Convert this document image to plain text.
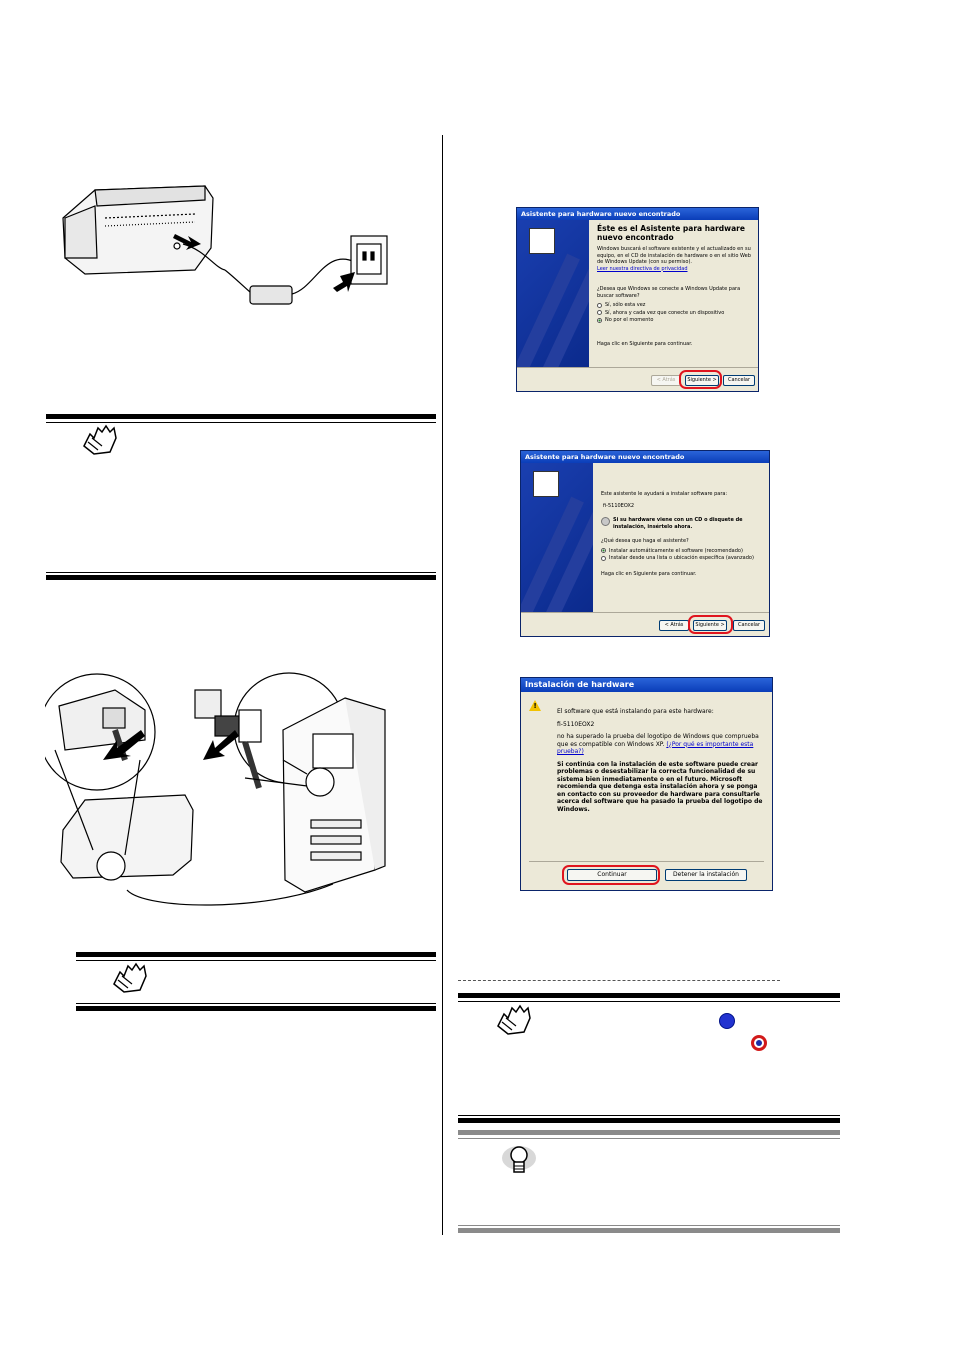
Asistente para hardware nuevo encontrado
Éste es el Asistente para hardware nuevo encontrado
Windows buscará el software existente y el actualizado en su equipo, en el CD de instalación de hardware o en el sitio Web de Windows Update (con su permiso).
Leer nuestra directiva de privacidad
¿Desea que Windows se conecte a Windows Update para buscar software?
Sí, sólo esta vez
Sí, ahora y cada vez que conecte un dispositivo
No por el momento
Haga clic en Siguiente para continuar.
< Atrás	Siguiente >	Cancelar
Asistente para hardware nuevo encontrado
Este asistente le ayudará a instalar software para:
fi-5110EOX2
Si su hardware viene con un CD o disquete de instalación, insértelo ahora.
¿Qué desea que haga el asistente?
Instalar automáticamente el software (recomendado)
Instalar desde una lista o ubicación específica (avanzado)
Haga clic en Siguiente para continuar.
< Atrás	Siguiente >	Cancelar
Instalación de hardware
!

El software que está instalando para este hardware:

fi-5110EOX2

no ha superado la prueba del logotipo de Windows que comprueba que es compatible con Windows XP. (¿Por qué es importante esta prueba?)

Si continúa con la instalación de este software puede crear problemas o desestabilizar la correcta funcionalidad de su sistema bien inmediatamente o en el futuro. Microsoft recomienda que detenga esta instalación ahora y se ponga en contacto con su proveedor de hardware para consultarle acerca del software que ha pasado la prueba del logotipo de Windows.

Continuar	Detener la instalación
